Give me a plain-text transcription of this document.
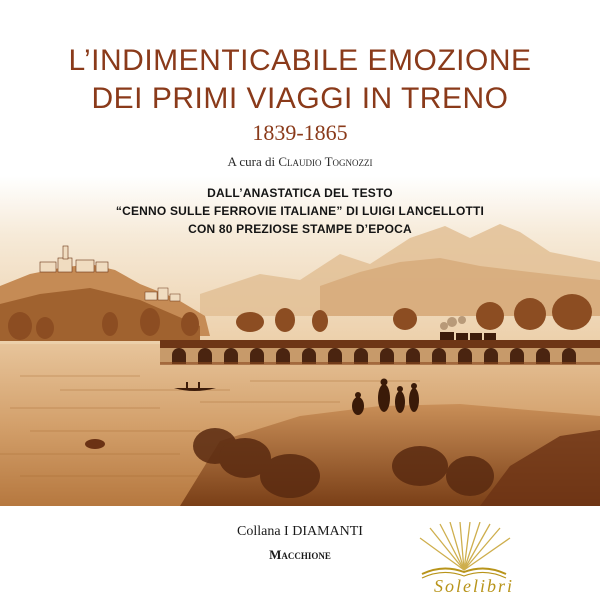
L’INDIMENTICABILE EMOZIONE
DEI PRIMI VIAGGI IN TRENO
1839-1865
A cura di Claudio Tognozzi
DALL’ANASTATICA DEL TESTO
“CENNO SULLE FERROVIE ITALIANE” DI LUIGI LANCELLOTTI
CON 80 PREZIOSE STAMPE D’EPOCA
Collana I DIAMANTI
Macchione
Solelibri
